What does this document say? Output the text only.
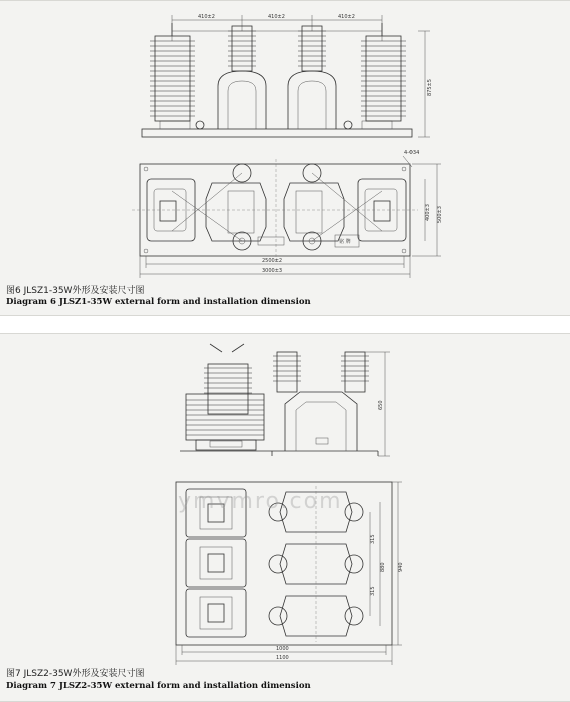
410±2	410±2	410±2
875±5
铭 牌
4-Φ34
400±3 500±3
2500±2
3000±3
图6 JLSZ1-35W外形及安装尺寸图
Diagram 6 JLSZ1-35W external form and installation dimension
650
315
315
880 940
1000
1100
ymvmro.com
图7 JLSZ2-35W外形及安装尺寸图
Diagram 7 JLSZ2-35W external form and installation dimension
